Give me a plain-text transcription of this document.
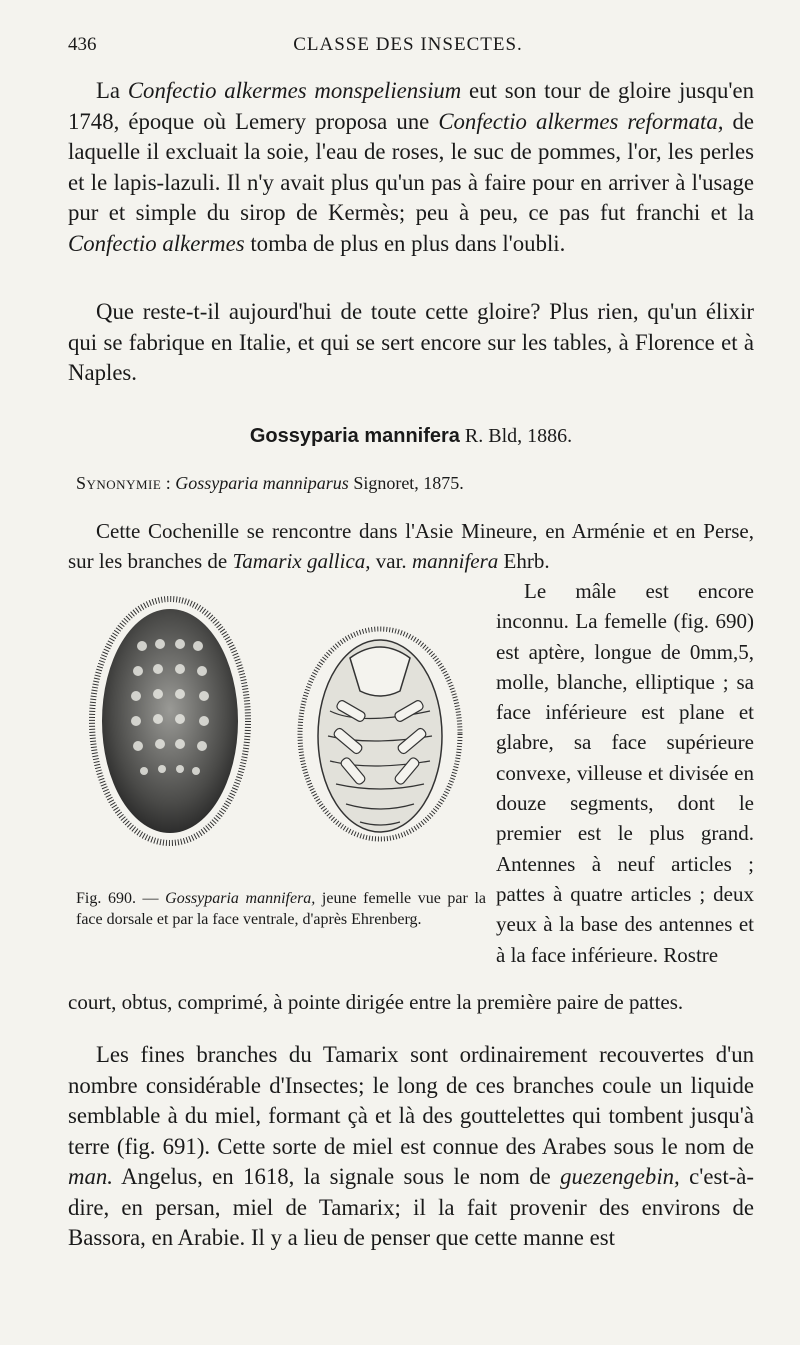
436	CLASSE DES INSECTES.

La Confectio alkermes monspeliensium eut son tour de gloire jusqu'en 1748, époque où Lemery proposa une Confectio alkermes reformata, de laquelle il excluait la soie, l'eau de roses, le suc de pommes, l'or, les perles et le lapis-lazuli. Il n'y avait plus qu'un pas à faire pour en arriver à l'usage pur et simple du sirop de Kermès; peu à peu, ce pas fut franchi et la Confectio alkermes tomba de plus en plus dans l'oubli.

Que reste-t-il aujourd'hui de toute cette gloire? Plus rien, qu'un élixir qui se fabrique en Italie, et qui se sert encore sur les tables, à Florence et à Naples.

Gossyparia mannifera R. Bld, 1886.
Synonymie : Gossyparia manniparus Signoret, 1875.

Cette Cochenille se rencontre dans l'Asie Mineure, en Arménie et en Perse, sur les branches de Tamarix gallica, var. mannifera Ehrb.

Le mâle est encore inconnu. La femelle (fig. 690) est aptère, longue de 0mm,5, molle, blanche, elliptique ; sa face inférieure est plane et glabre, sa face supérieure convexe, villeuse et divisée en douze segments, dont le premier est le plus grand. Antennes à neuf articles ; pattes à quatre articles ; deux yeux à la base des antennes et à la face inférieure. Rostre

Fig. 690. — Gossyparia mannifera, jeune femelle vue par la face dorsale et par la face ventrale, d'après Ehrenberg.

court, obtus, comprimé, à pointe dirigée entre la première paire de pattes.

Les fines branches du Tamarix sont ordinairement recouvertes d'un nombre considérable d'Insectes; le long de ces branches coule un liquide semblable à du miel, formant çà et là des gouttelettes qui tombent jusqu'à terre (fig. 691). Cette sorte de miel est connue des Arabes sous le nom de man. Angelus, en 1618, la signale sous le nom de guezengebin, c'est-à-dire, en persan, miel de Tamarix; il la fait provenir des environs de Bassora, en Arabie. Il y a lieu de penser que cette manne est
